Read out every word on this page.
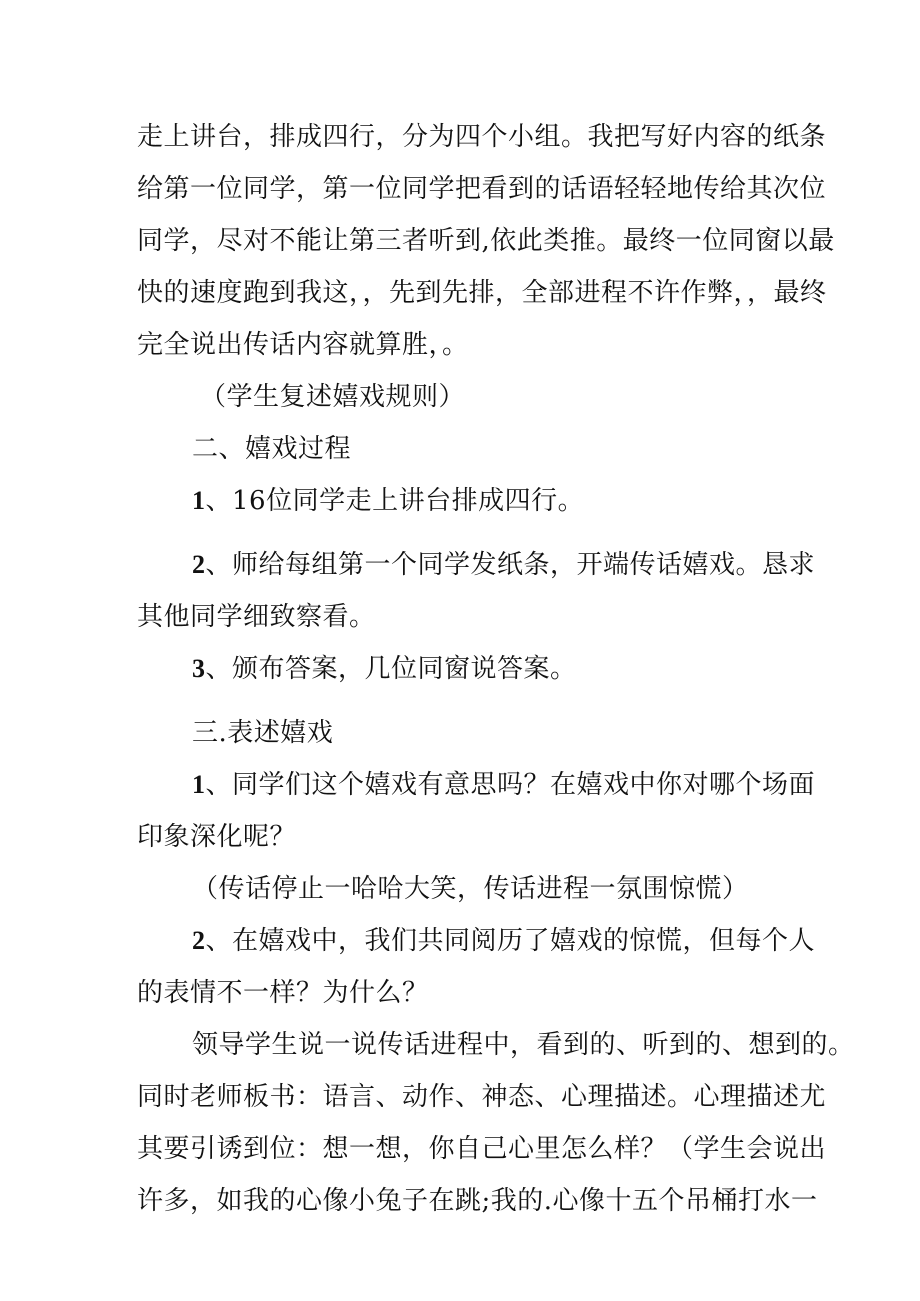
走上讲台，排成四行，分为四个小组。我把写好内容的纸条
给第一位同学，第一位同学把看到的话语轻轻地传给其次位
同学，尽对不能让第三者听到,依此类推。最终一位同窗以最
快的速度跑到我这，，先到先排，全部进程不许作弊，，最终
完全说出传话内容就算胜，。
（学生复述嬉戏规则）
二、嬉戏过程
1、16位同学走上讲台排成四行。
2、师给每组第一个同学发纸条，开端传话嬉戏。恳求
其他同学细致察看。
3、颁布答案，几位同窗说答案。
三.表述嬉戏
1、同学们这个嬉戏有意思吗？在嬉戏中你对哪个场面
印象深化呢？
（传话停止一哈哈大笑，传话进程一氛围惊慌）
2、在嬉戏中，我们共同阅历了嬉戏的惊慌，但每个人
的表情不一样？为什么？
领导学生说一说传话进程中，看到的、听到的、想到的。
同时老师板书：语言、动作、神态、心理描述。心理描述尤
其要引诱到位：想一想，你自己心里怎么样？（学生会说出
许多，如我的心像小兔子在跳;我的.心像十五个吊桶打水一
